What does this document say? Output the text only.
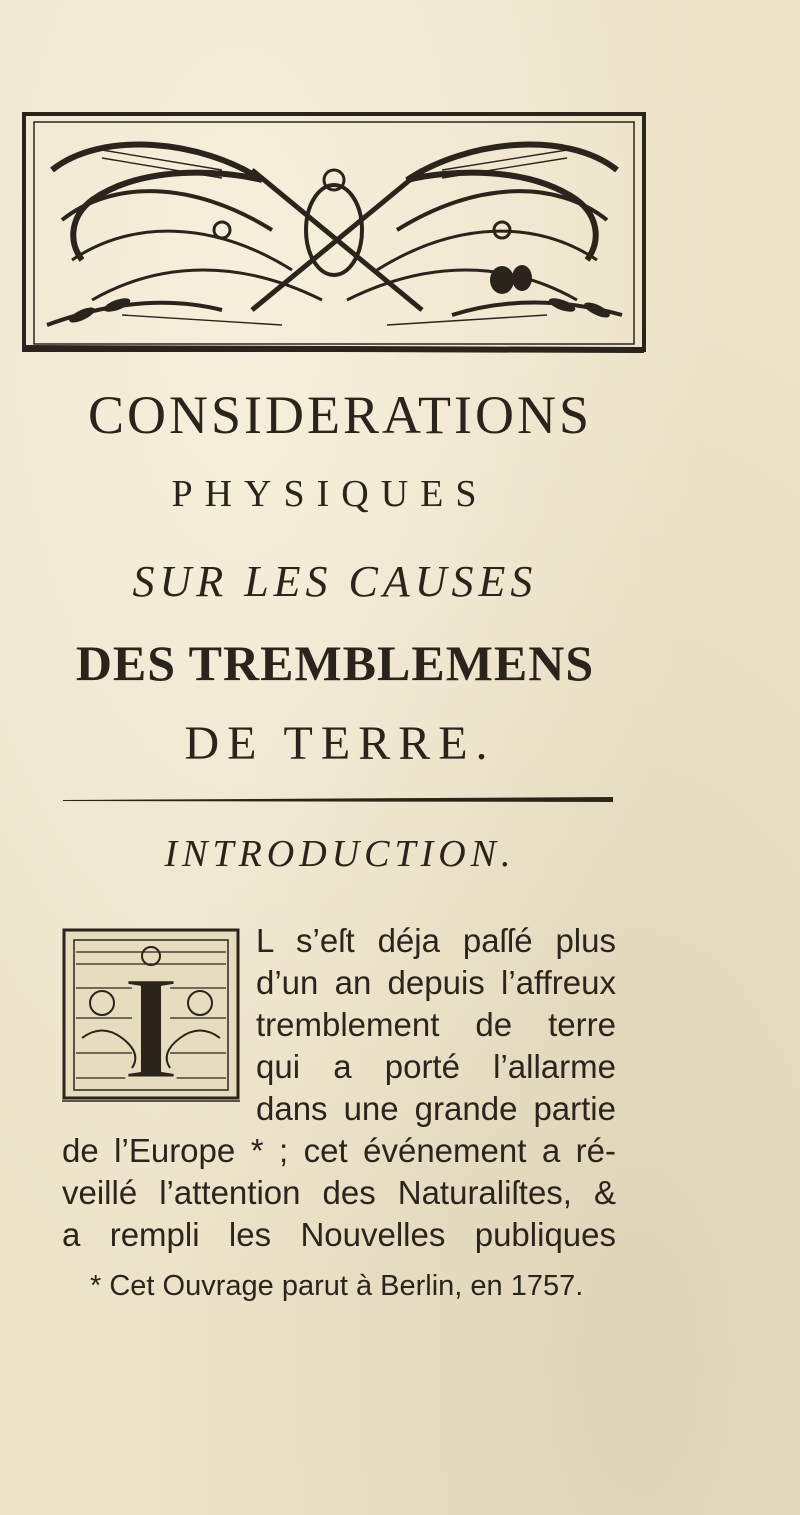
CONSIDERATIONS
PHYSIQUES
SUR LES CAUSES
DES TREMBLEMENS
DE TERRE.
INTRODUCTION.
I
L s’eſt déja paſſé plus
d’un an depuis l’affreux
tremblement de terre
qui a porté l’allarme
dans une grande partie
de l’Europe * ; cet événement a ré-
veillé l’attention des Naturaliſtes, &
a rempli les Nouvelles publiques
* Cet Ouvrage parut à Berlin, en 1757.
